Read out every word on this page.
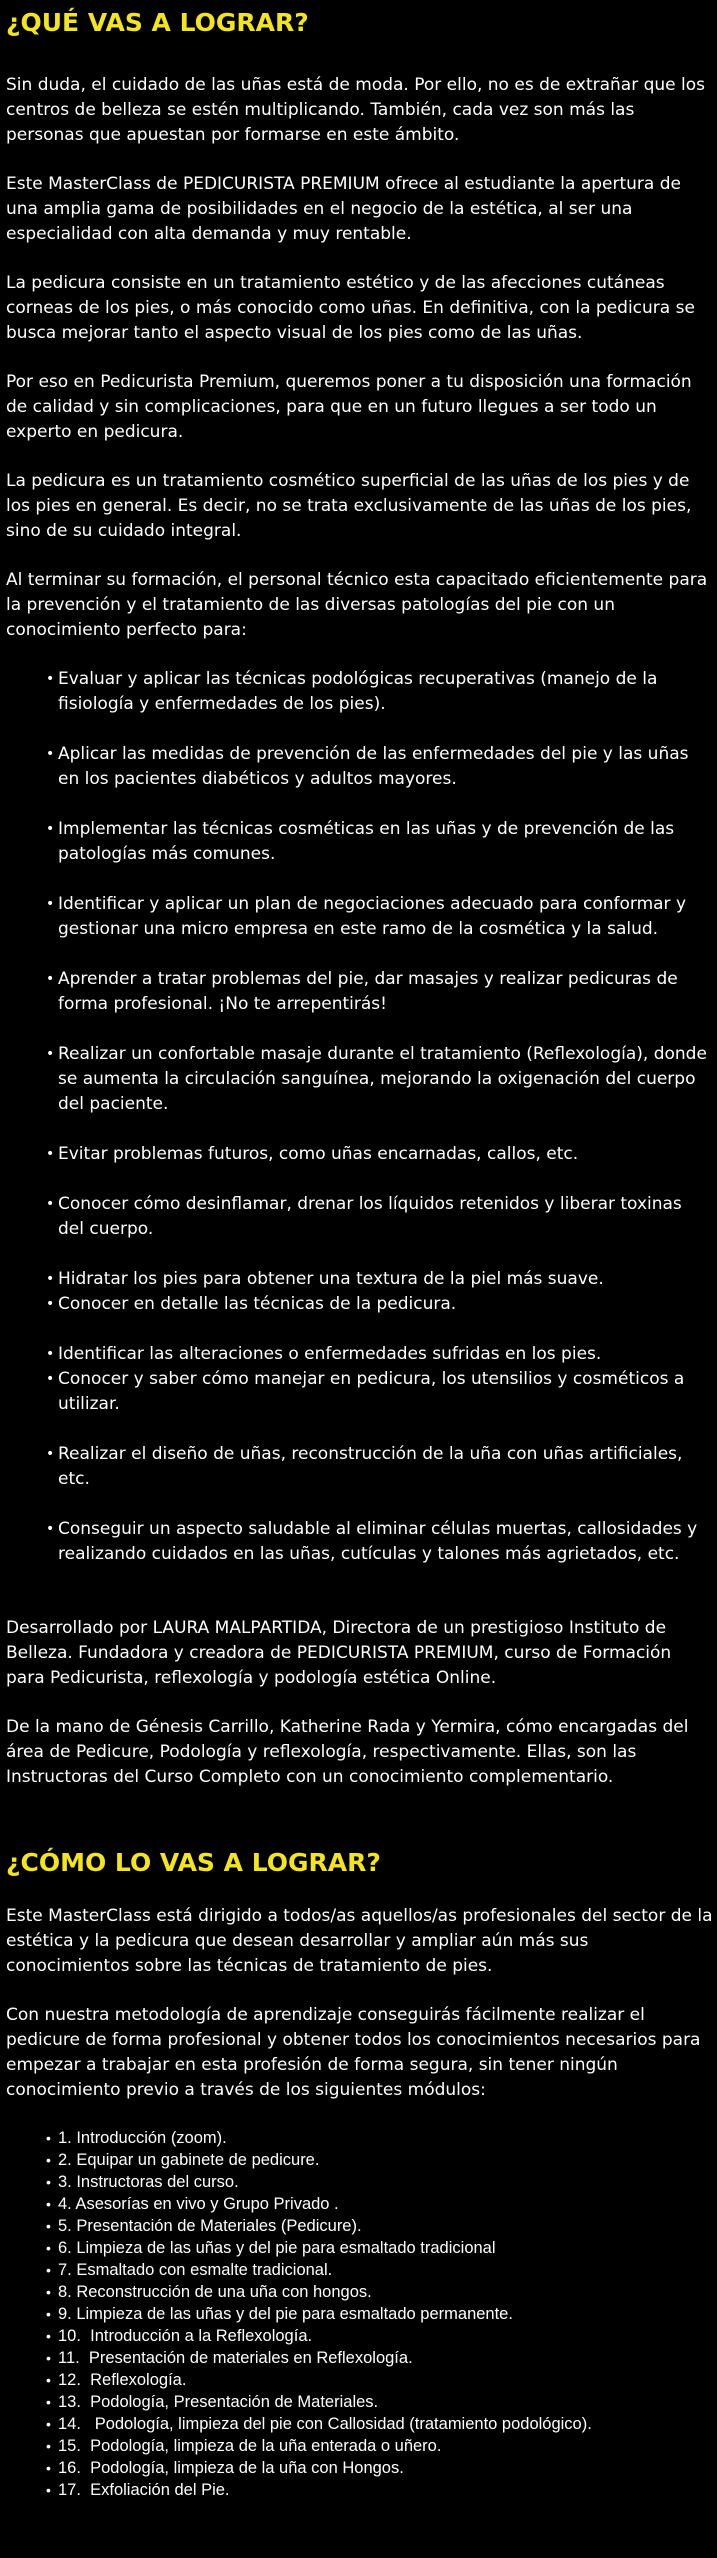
¿QUÉ VAS A LOGRAR?

Sin duda, el cuidado de las uñas está de moda. Por ello, no es de extrañar que los centros de belleza se estén multiplicando. También, cada vez son más las personas que apuestan por formarse en este ámbito.

Este MasterClass de PEDICURISTA PREMIUM ofrece al estudiante la apertura de una amplia gama de posibilidades en el negocio de la estética, al ser una especialidad con alta demanda y muy rentable.

La pedicura consiste en un tratamiento estético y de las afecciones cutáneas corneas de los pies, o más conocido como uñas. En definitiva, con la pedicura se busca mejorar tanto el aspecto visual de los pies como de las uñas.

Por eso en Pedicurista Premium, queremos poner a tu disposición una formación de calidad y sin complicaciones, para que en un futuro llegues a ser todo un experto en pedicura.

La pedicura es un tratamiento cosmético superficial de las uñas de los pies y de los pies en general. Es decir, no se trata exclusivamente de las uñas de los pies, sino de su cuidado integral.

Al terminar su formación, el personal técnico esta capacitado eficientemente para la prevención y el tratamiento de las diversas patologías del pie con un conocimiento perfecto para:

• Evaluar y aplicar las técnicas podológicas recuperativas (manejo de la fisiología y enfermedades de los pies).
• Aplicar las medidas de prevención de las enfermedades del pie y las uñas en los pacientes diabéticos y adultos mayores.
• Implementar las técnicas cosméticas en las uñas y de prevención de las patologías más comunes.
• Identificar y aplicar un plan de negociaciones adecuado para conformar y gestionar una micro empresa en este ramo de la cosmética y la salud.
• Aprender a tratar problemas del pie, dar masajes y realizar pedicuras de forma profesional. ¡No te arrepentirás!
• Realizar un confortable masaje durante el tratamiento (Reflexología), donde se aumenta la circulación sanguínea, mejorando la oxigenación del cuerpo del paciente.
• Evitar problemas futuros, como uñas encarnadas, callos, etc.
• Conocer cómo desinflamar, drenar los líquidos retenidos y liberar toxinas del cuerpo.
• Hidratar los pies para obtener una textura de la piel más suave.
• Conocer en detalle las técnicas de la pedicura.
• Identificar las alteraciones o enfermedades sufridas en los pies.
• Conocer y saber cómo manejar en pedicura, los utensilios y cosméticos a utilizar.
• Realizar el diseño de uñas, reconstrucción de la uña con uñas artificiales, etc.
• Conseguir un aspecto saludable al eliminar células muertas, callosidades y realizando cuidados en las uñas, cutículas y talones más agrietados, etc.

Desarrollado por LAURA MALPARTIDA, Directora de un prestigioso Instituto de Belleza. Fundadora y creadora de PEDICURISTA PREMIUM, curso de Formación para Pedicurista, reflexología y podología estética Online.

De la mano de Génesis Carrillo, Katherine Rada y Yermira, cómo encargadas del área de Pedicure, Podología y reflexología, respectivamente. Ellas, son las Instructoras del Curso Completo con un conocimiento complementario.

¿CÓMO LO VAS A LOGRAR?

Este MasterClass está dirigido a todos/as aquellos/as profesionales del sector de la estética y la pedicura que desean desarrollar y ampliar aún más sus conocimientos sobre las técnicas de tratamiento de pies.

Con nuestra metodología de aprendizaje conseguirás fácilmente realizar el pedicure de forma profesional y obtener todos los conocimientos necesarios para empezar a trabajar en esta profesión de forma segura, sin tener ningún conocimiento previo a través de los siguientes módulos:

• 1. Introducción (zoom).
• 2. Equipar un gabinete de pedicure.
• 3. Instructoras del curso.
• 4. Asesorías en vivo y Grupo Privado .
• 5. Presentación de Materiales (Pedicure).
• 6. Limpieza de las uñas y del pie para esmaltado tradicional
• 7. Esmaltado con esmalte tradicional.
• 8. Reconstrucción de una uña con hongos.
• 9. Limpieza de las uñas y del pie para esmaltado permanente.
• 10.  Introducción a la Reflexología.
• 11.  Presentación de materiales en Reflexología.
• 12.  Reflexología.
• 13.  Podología, Presentación de Materiales.
• 14.   Podología, limpieza del pie con Callosidad (tratamiento podológico).
• 15.  Podología, limpieza de la uña enterada o uñero.
• 16.  Podología, limpieza de la uña con Hongos.
• 17.  Exfoliación del Pie.
